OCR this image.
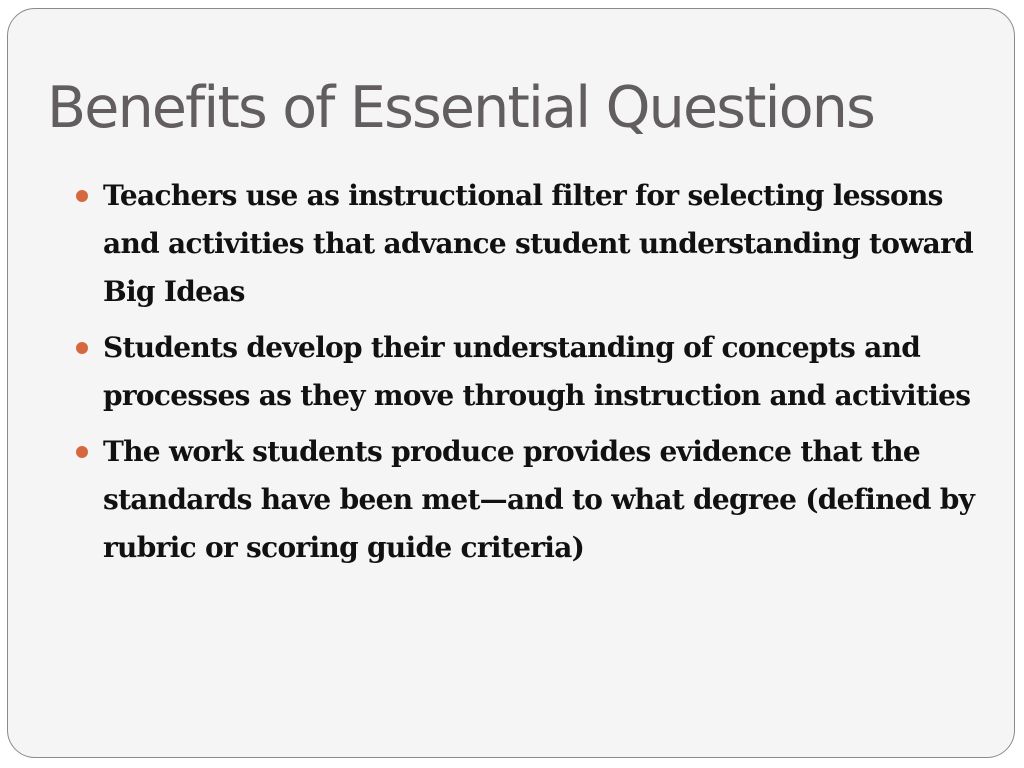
Benefits of Essential Questions
Teachers use as instructional filter for selecting lessons and activities that advance student understanding toward Big Ideas
Students develop their understanding of concepts and processes as they move through instruction and activities
The work students produce provides evidence that the standards have been met—and to what degree (defined by rubric or scoring guide criteria)
